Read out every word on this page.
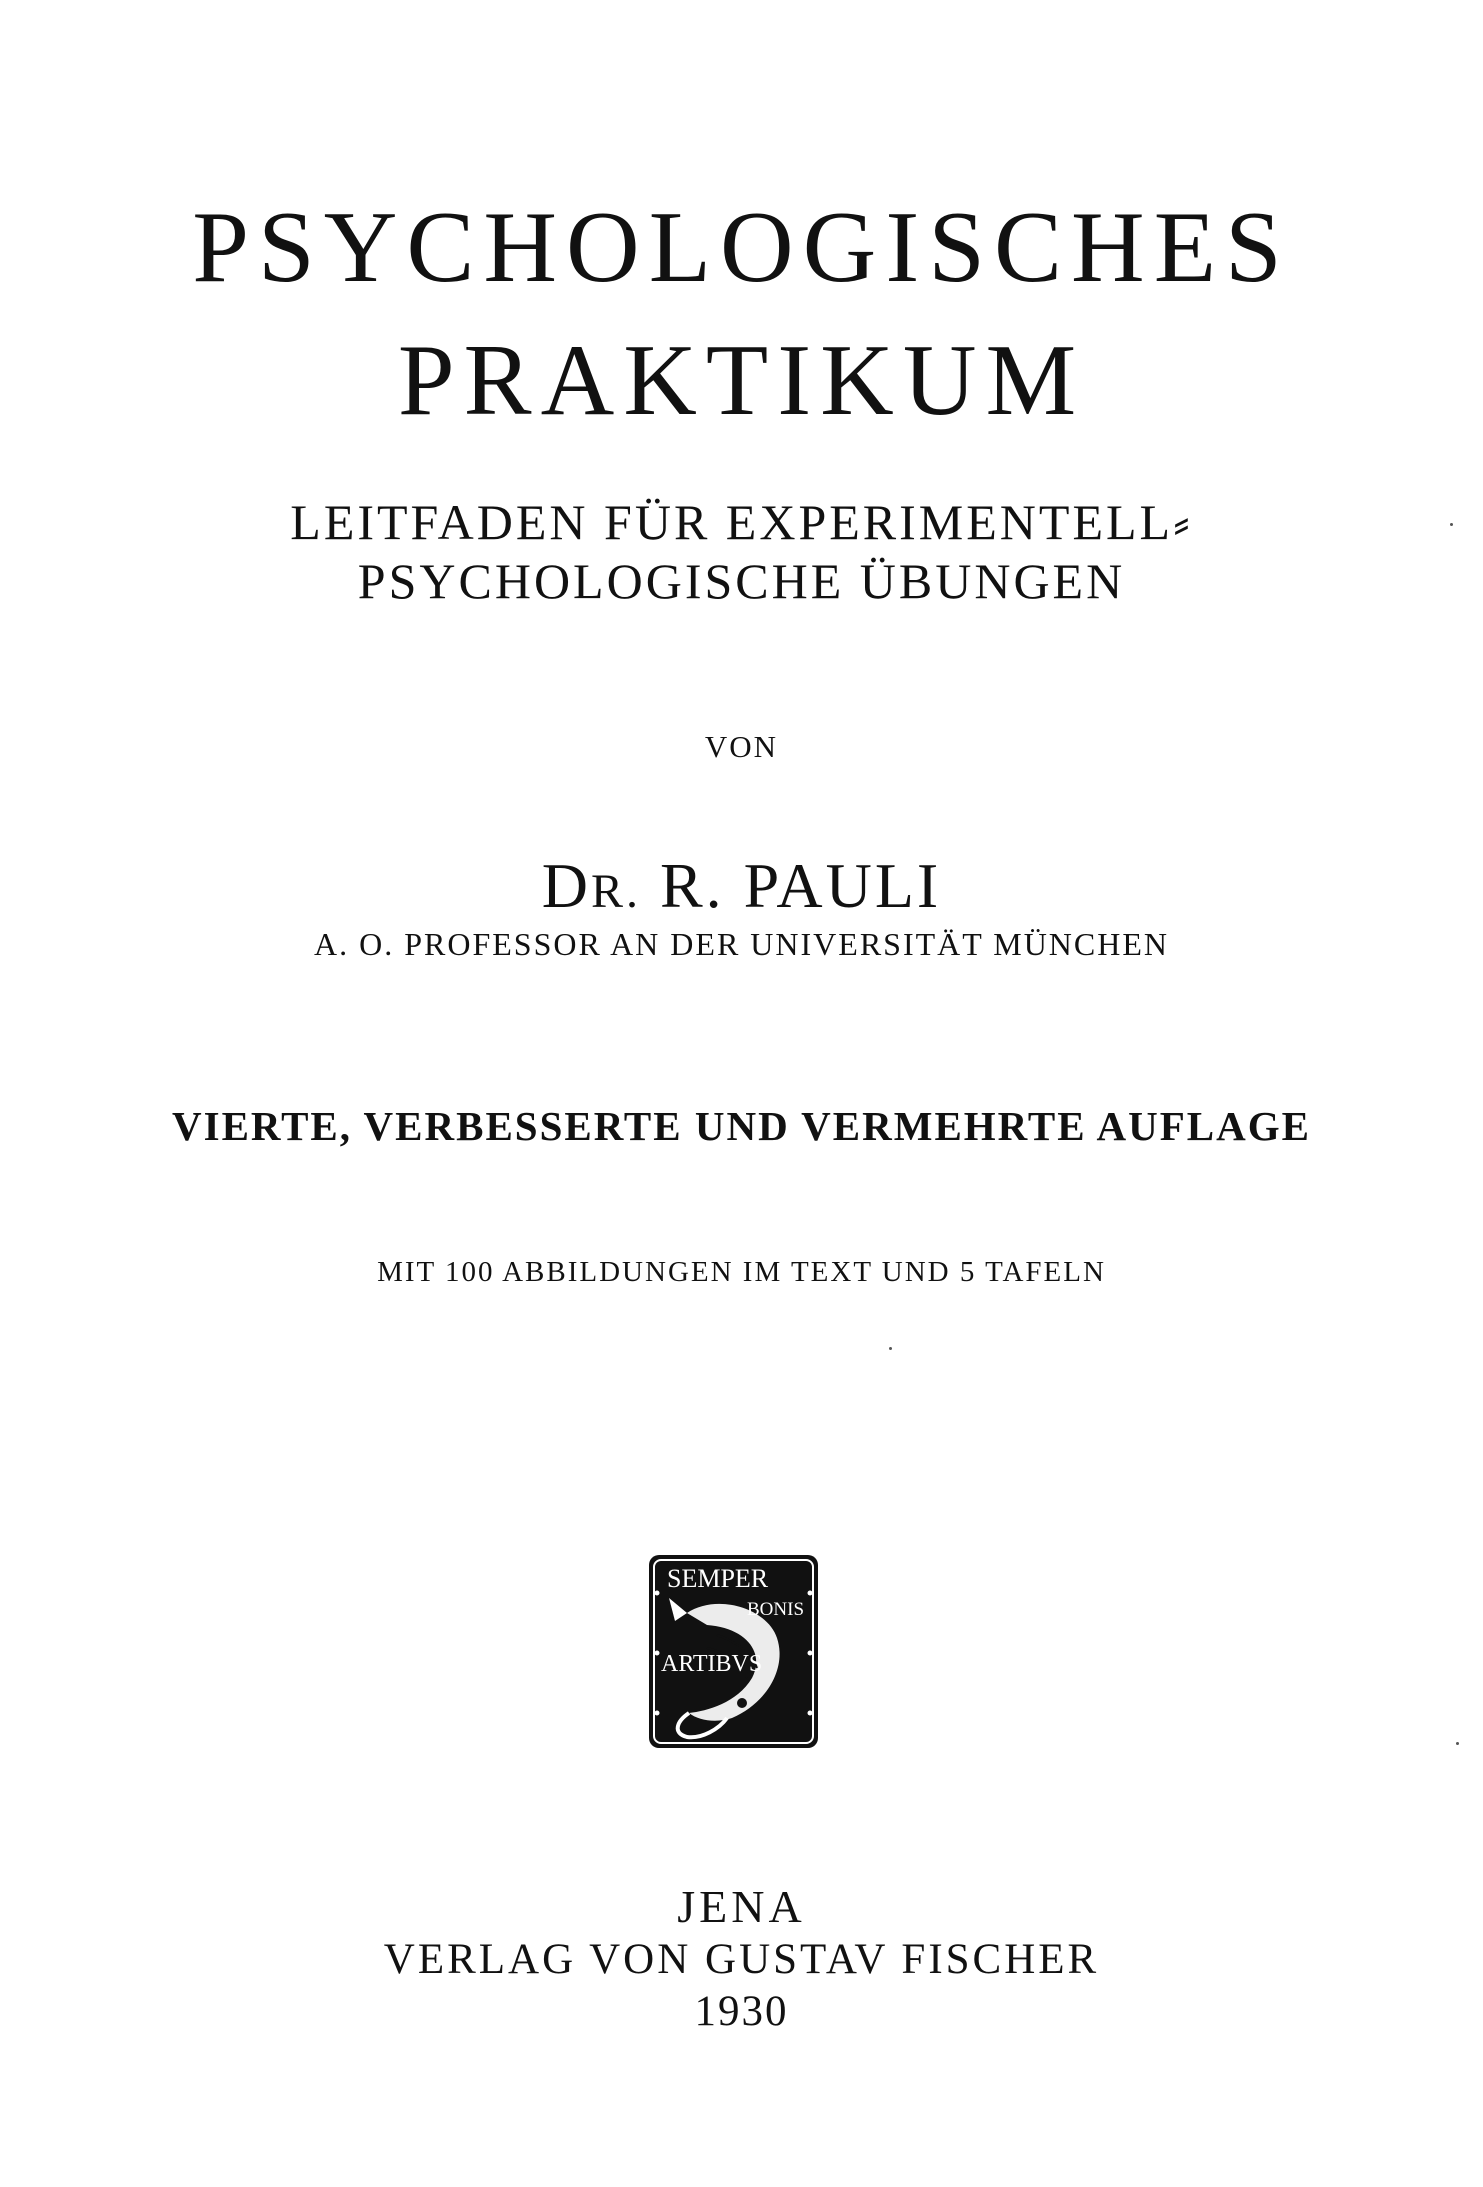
PSYCHOLOGISCHES
PRAKTIKUM
LEITFADEN FÜR EXPERIMENTELL⸗
PSYCHOLOGISCHE ÜBUNGEN
VON
DR. R. PAULI
A. O. PROFESSOR AN DER UNIVERSITÄT MÜNCHEN
VIERTE, VERBESSERTE UND VERMEHRTE AUFLAGE
MIT 100 ABBILDUNGEN IM TEXT UND 5 TAFELN
SEMPER
BONIS
ARTIBVS
JENA
VERLAG VON GUSTAV FISCHER
1930
